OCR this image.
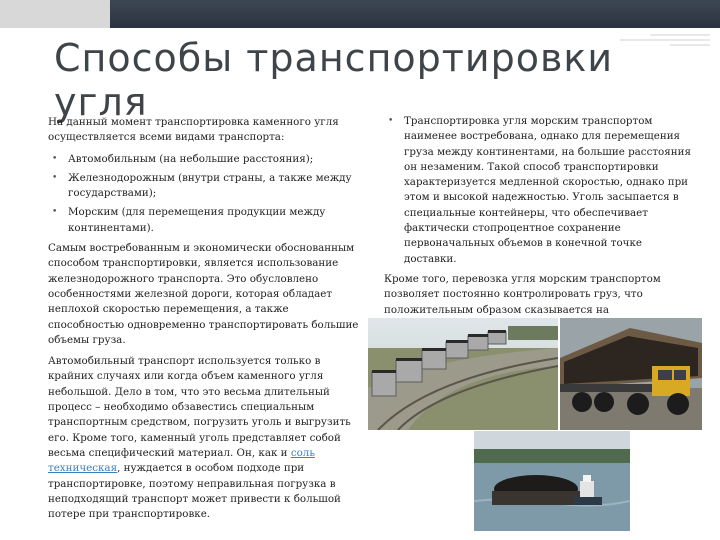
Способы транспортировки угля

На данный момент транспортировка каменного угля осуществляется всеми видами транспорта:

• Автомобильным (на небольшие расстояния);
• Железнодорожным (внутри страны, а также между государствами);
• Морским (для перемещения продукции между континентами).

Самым востребованным и экономически обоснованным способом транспортировки, является использование железнодорожного транспорта. Это обусловлено особенностями железной дороги, которая обладает неплохой скоростью перемещения, а также способностью одновременно транспортировать большие объемы груза.

Автомобильный транспорт используется только в крайних случаях или когда объем каменного угля небольшой. Дело в том, что это весьма длительный процесс – необходимо обзавестись специальным транспортным средством, погрузить уголь и выгрузить его. Кроме того, каменный уголь представляет собой весьма специфический материал. Он, как и соль техническая, нуждается в особом подходе при транспортировке, поэтому неправильная погрузка в неподходящий транспорт может привести к большой потере при транспортировке.

• Транспортировка угля морским транспортом наименее востребована, однако для перемещения груза между континентами, на большие расстояния он незаменим. Такой способ транспортировки характеризуется медленной скоростью, однако при этом и высокой надежностью. Уголь засыпается в специальные контейнеры, что обеспечивает фактически стопроцентное сохранение первоначальных объемов в конечной точке доставки.

Кроме того, перевозка угля морским транспортом позволяет постоянно контролировать груз, что положительным образом сказывается на
